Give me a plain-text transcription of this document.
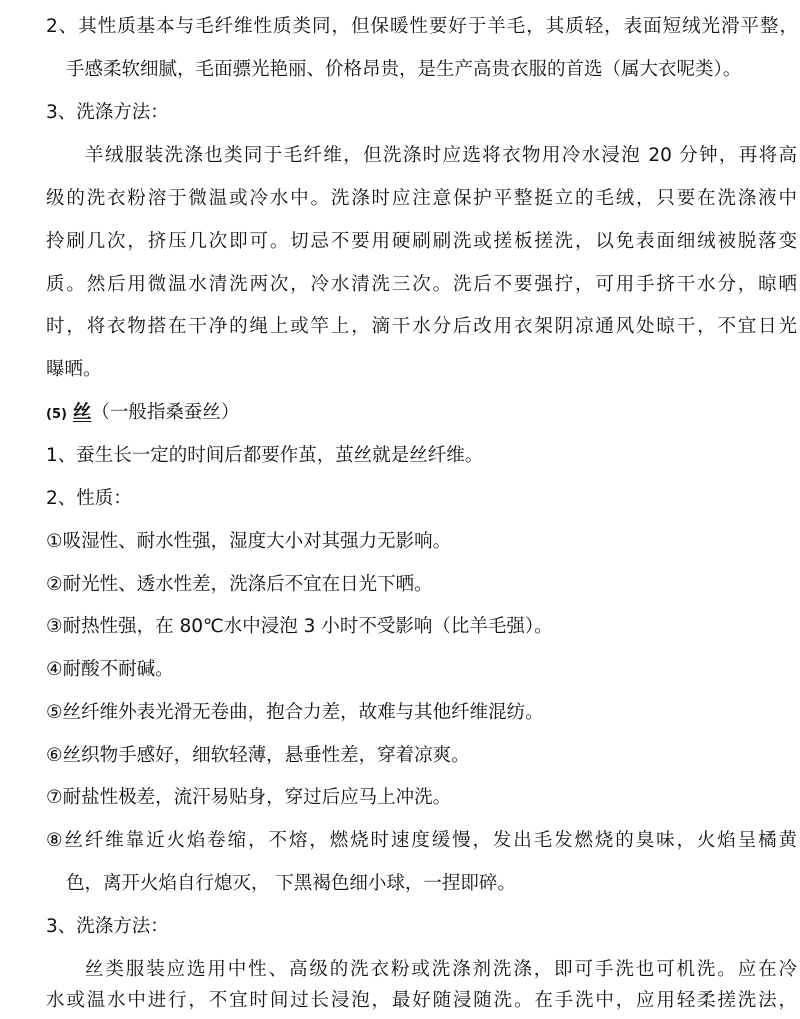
2、其性质基本与毛纤维性质类同，但保暖性要好于羊毛，其质轻，表面短绒光滑平整，
手感柔软细腻，毛面骠光艳丽、价格昂贵，是生产高贵衣服的首选（属大衣呢类）。
3、洗涤方法：
羊绒服装洗涤也类同于毛纤维，但洗涤时应选将衣物用冷水浸泡 20 分钟，再将高
级的洗衣粉溶于微温或冷水中。洗涤时应注意保护平整挺立的毛绒，只要在洗涤液中
拎刷几次，挤压几次即可。切忌不要用硬刷刷洗或搓板搓洗，以免表面细绒被脱落变
质。然后用微温水清洗两次，冷水清洗三次。洗后不要强拧，可用手挤干水分，晾晒
时，将衣物搭在干净的绳上或竿上，滴干水分后改用衣架阴凉通风处晾干，不宜日光
曝晒。
(5) 丝（一般指桑蚕丝）
1、蚕生长一定的时间后都要作茧，茧丝就是丝纤维。
2、性质：
①吸湿性、耐水性强，湿度大小对其强力无影响。
②耐光性、透水性差，洗涤后不宜在日光下晒。
③耐热性强，在 80℃水中浸泡 3 小时不受影响（比羊毛强）。
④耐酸不耐碱。
⑤丝纤维外表光滑无卷曲，抱合力差，故难与其他纤维混纺。
⑥丝织物手感好，细软轻薄，悬垂性差，穿着凉爽。
⑦耐盐性极差，流汗易贴身，穿过后应马上冲洗。
⑧丝纤维靠近火焰卷缩，不熔，燃烧时速度缓慢，发出毛发燃烧的臭味，火焰呈橘黄
色，离开火焰自行熄灭， 下黑褐色细小球，一捏即碎。
3、洗涤方法：
丝类服装应选用中性、高级的洗衣粉或洗涤剂洗涤，即可手洗也可机洗。应在冷
水或温水中进行，不宜时间过长浸泡，最好随浸随洗。在手洗中，应用轻柔搓洗法，
